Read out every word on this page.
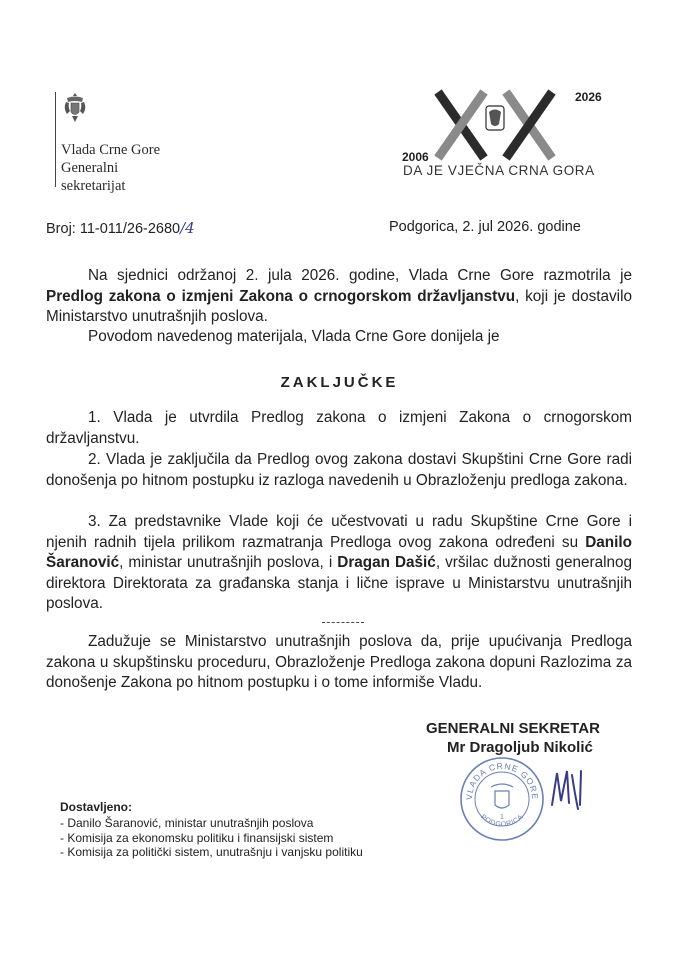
Vlada Crne Gore
Generalni
sekretarijat
2006
2026
DA JE VJEČNA CRNA GORA
Broj: 11-011/26-2680/4	Podgorica, 2. jul 2026. godine
Na sjednici održanoj 2. jula 2026. godine, Vlada Crne Gore razmotrila je Predlog zakona o izmjeni Zakona o crnogorskom državljanstvu, koji je dostavilo Ministarstvo unutrašnjih poslova.
Povodom navedenog materijala, Vlada Crne Gore donijela je
ZAKLJUČKE
1. Vlada je utvrdila Predlog zakona o izmjeni Zakona o crnogorskom državljanstvu.
2. Vlada je zaključila da Predlog ovog zakona dostavi Skupštini Crne Gore radi donošenja po hitnom postupku iz razloga navedenih u Obrazloženju predloga zakona.
3. Za predstavnike Vlade koji će učestvovati u radu Skupštine Crne Gore i njenih radnih tijela prilikom razmatranja Predloga ovog zakona određeni su Danilo Šaranović, ministar unutrašnjih poslova, i Dragan Dašić, vršilac dužnosti generalnog direktora Direktorata za građanska stanja i lične isprave u Ministarstvu unutrašnjih poslova.
Zadužuje se Ministarstvo unutrašnjih poslova da, prije upućivanja Predloga zakona u skupštinsku proceduru, Obrazloženje Predloga zakona dopuni Razlozima za donošenje Zakona po hitnom postupku i o tome informiše Vladu.
GENERALNI SEKRETAR
Mr Dragoljub Nikolić
VLADA CRNE GORE
PODGORICA
1
Dostavljeno:
- Danilo Šaranović, ministar unutrašnjih poslova
- Komisija za ekonomsku politiku i finansijski sistem
- Komisija za politički sistem, unutrašnju i vanjsku politiku
